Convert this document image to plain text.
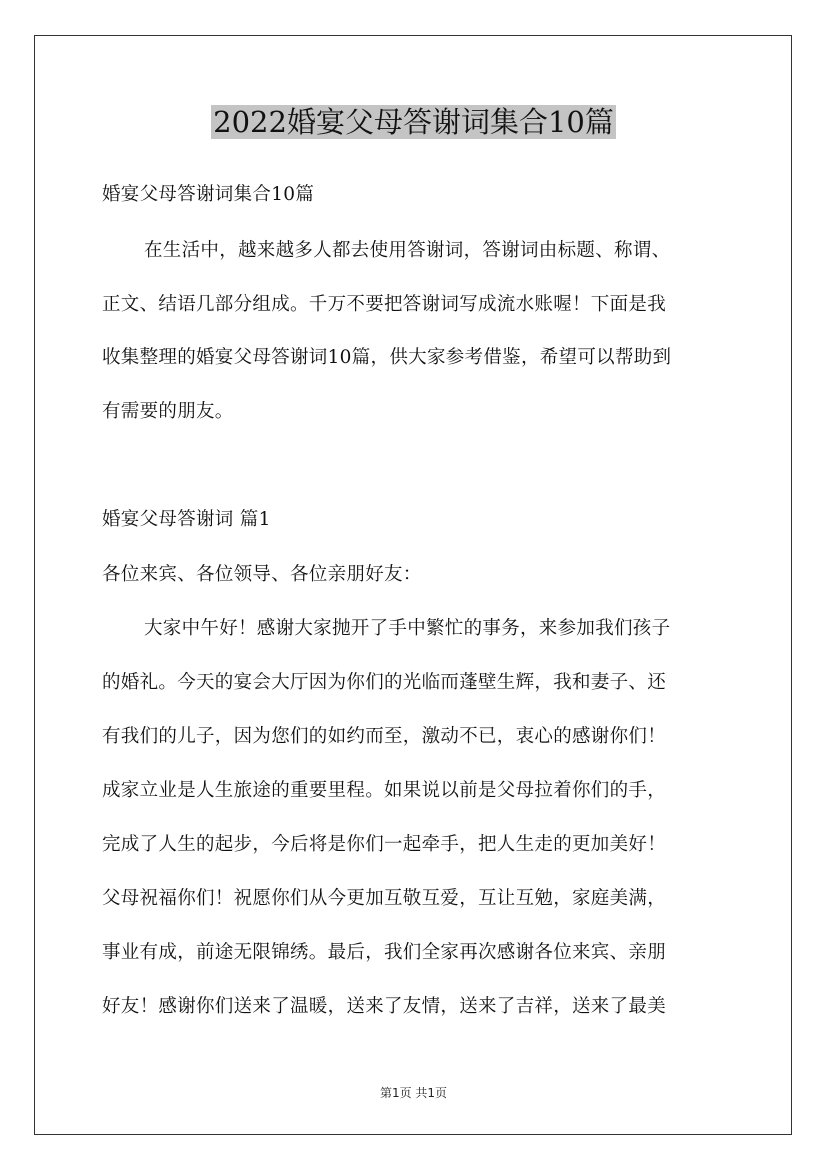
2022婚宴父母答谢词集合10篇
婚宴父母答谢词集合10篇
在生活中，越来越多人都去使用答谢词，答谢词由标题、称谓、
正文、结语几部分组成。千万不要把答谢词写成流水账喔！下面是我
收集整理的婚宴父母答谢词10篇，供大家参考借鉴，希望可以帮助到
有需要的朋友。
婚宴父母答谢词 篇1
各位来宾、各位领导、各位亲朋好友：
大家中午好！感谢大家抛开了手中繁忙的事务，来参加我们孩子
的婚礼。今天的宴会大厅因为你们的光临而蓬壁生辉，我和妻子、还
有我们的儿子，因为您们的如约而至，激动不已，衷心的感谢你们！
成家立业是人生旅途的重要里程。如果说以前是父母拉着你们的手，
完成了人生的起步，今后将是你们一起牵手，把人生走的更加美好！
父母祝福你们！祝愿你们从今更加互敬互爱，互让互勉，家庭美满，
事业有成，前途无限锦绣。最后，我们全家再次感谢各位来宾、亲朋
好友！感谢你们送来了温暖，送来了友情，送来了吉祥，送来了最美
第1页 共1页
